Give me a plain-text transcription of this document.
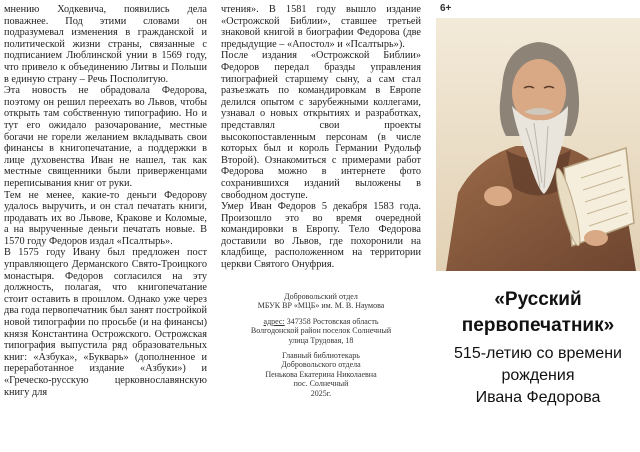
мнению Ходкевича, появились дела поважнее. Под этими словами он подразумевал изменения в гражданской и политической жизни страны, связанные с подписанием Люблинской унии в 1569 году, что привело к объединению Литвы и Польши в единую страну – Речь Посполитую.

Эта новость не обрадовала Федорова, поэтому он решил переехать во Львов, чтобы открыть там собственную типографию. Но и тут его ожидало разочарование, местные богачи не горели желанием вкладывать свои финансы в книгопечатание, а поддержки в лице духовенства Иван не нашел, так как местные священники были приверженцами переписывания книг от руки.

Тем не менее, какие-то деньги Федорову удалось выручить, и он стал печатать книги, продавать их во Львове, Кракове и Коломые, а на вырученные деньги печатать новые. В 1570 году Федоров издал «Псалтырь».

В 1575 году Ивану был предложен пост управляющего Дерманского Свято-Троицкого монастыря. Федоров согласился на эту должность, полагая, что книгопечатание стоит оставить в прошлом. Однако уже через два года первопечатник был занят постройкой новой типографии по просьбе (и на финансы) князя Константина Острожского. Острожская типография выпустила ряд образовательных книг: «Азбука», «Букварь» (дополненное и переработанное издание «Азбуки») и «Греческо-русскую церковнославянскую книгу для

чтения». В 1581 году вышло издание «Острожской Библии», ставшее третьей знаковой книгой в биографии Федорова (две предыдущие – «Апостол» и «Псалтырь»).

После издания «Острожской Библии» Федоров передал бразды управления типографией старшему сыну, а сам стал разъезжать по командировкам в Европе делился опытом с зарубежными коллегами, узнавал о новых открытиях и разработках, представлял свои проекты высокопоставленным персонам (в числе которых был и король Германии Рудольф Второй). Ознакомиться с примерами работ Федорова можно в интернете фото сохранившихся изданий выложены в свободном доступе.

Умер Иван Федоров 5 декабря 1583 года. Произошло это во время очередной командировки в Европу. Тело Федорова доставили во Львов, где похоронили на кладбище, расположенном на территории церкви Святого Онуфрия.

Добровольский отдел
МБУК ВР «МЦБ» им. М. В. Наумова
адрес: 347358 Ростовская область
Волгодонской район поселок Солнечный
улица Трудовая, 18
Главный библиотекарь
Добровольского отдела
Пенькова Екатерина Николаевна
пос. Солнечный
2025г.
6+
«Русский
первопечатник»
515-летию со времени
рождения
Ивана Федорова
